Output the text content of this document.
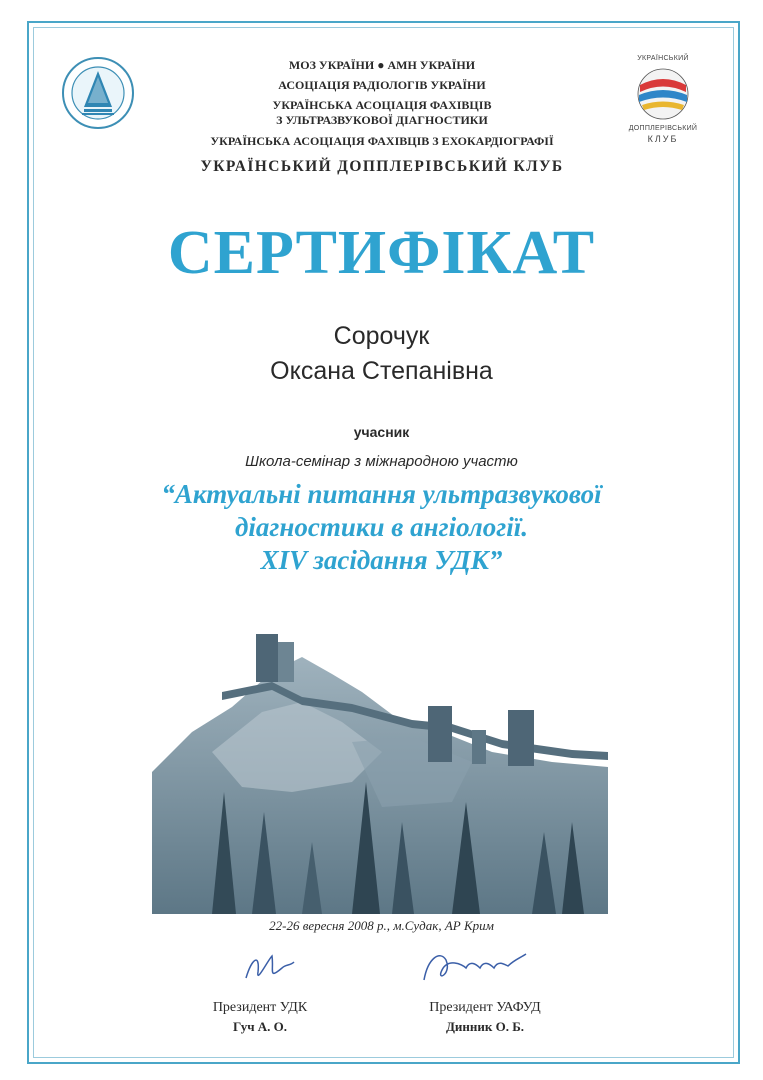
УКРАЇНСЬКИЙ
ДОППЛЕРІВСЬКИЙ
КЛУБ
МОЗ УКРАЇНИ ● АМН УКРАЇНИ
АСОЦІАЦІЯ РАДІОЛОГІВ УКРАЇНИ
УКРАЇНСЬКА АСОЦІАЦІЯ ФАХІВЦІВ
З УЛЬТРАЗВУКОВОЇ ДІАГНОСТИКИ
УКРАЇНСЬКА АСОЦІАЦІЯ ФАХІВЦІВ З ЕХОКАРДІОГРАФІЇ
УКРАЇНСЬКИЙ ДОППЛЕРІВСЬКИЙ КЛУБ
СЕРТИФІКАТ
Сорочук
Оксана Степанівна
учасник
Школа-семінар з міжнародною участю
“Актуальні питання ультразвукової
діагностики в ангіології.
XIV засідання УДК”
22-26 вересня 2008 р., м.Судак, АР Крим
Президент УДК
Гуч А. О.
Президент УАФУД
Динник О. Б.
